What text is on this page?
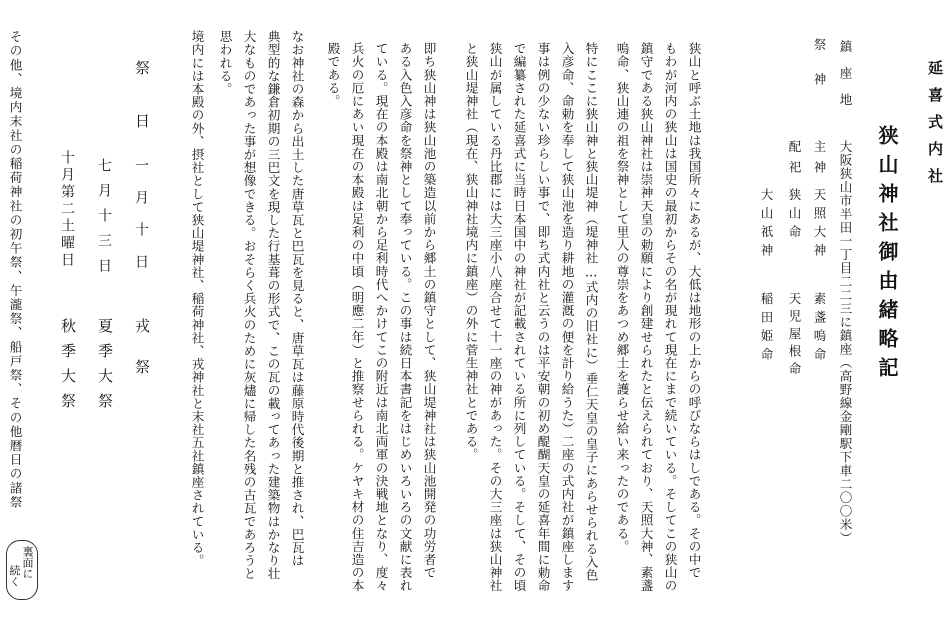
延喜式内社
狭山神社御由緒略記
鎮座地
大阪狭山市半田一丁目二二三に鎮座（高野線金剛駅下車二〇〇米）
祭神
主神
天照大神
素盞嗚命
配祀
狭山命
天児屋根命
大山祇神
稲田姫命
狭山と呼ぶ土地は我国所々にあるが、大低は地形の上からの呼びならはしである。その中で
もわが河内の狭山は国史の最初からその名が現れて現在にまで続いている。そしてこの狭山の
鎮守である狭山神社は崇神天皇の勅願により創建せられたと伝えられており、天照大神、素盞
嗚命、狭山連の祖を祭神として里人の尊崇をあつめ郷土を護らせ給い来ったのである。
特にここに狭山神と狭山堤神（堤神社…式内の旧社に）垂仁天皇の皇子にあらせられる入色
入彦命、命勅を奉して狭山池を造り耕地の灌漑の便を計り給うた）二座の式内社が鎮座します
事は例の少ない珍らしい事で、即ち式内社と云うのは平安朝の初め醍醐天皇の延喜年間に勅命
で編纂された延喜式に当時日本国中の神社が記載されている所に列している。そして、その頃
狭山が属している丹比郡には大三座小八座合せて十一座の神があった。その大三座は狭山神社
と狭山堤神社（現在、狭山神社境内に鎮座）の外に菅生神社とである。
即ち狭山神は狭山池の築造以前から郷土の鎮守として、狭山堤神社は狭山池開発の功労者で
ある入色入彦命を祭神として奉っている。この事は続日本書記をはじめいろいろの文献に表れ
ている。現在の本殿は南北朝から足利時代へかけてこの附近は南北両軍の決戦地となり、度々
兵火の厄にあい現在の本殿は足利の中頃（明應二年）と推察せられる。ケヤキ材の住吉造の本
殿である。
なお神社の森から出土した唐草瓦と巴瓦を見ると、唐草瓦は藤原時代後期と推され、巴瓦は
典型的な鎌倉初期の三巴文を現した行基葺の形式で、この瓦の載ってあった建築物はかなり壮
大なものであった事が想像できる。おそらく兵火のために灰燼に帰した名残の古瓦であろうと
思われる。
境内には本殿の外、摂社として狭山堤神社、稲荷神社、戎神社と末社五社鎮座されている。
祭日
一月十日
戎祭
七月十三日
夏季大祭
十月第二土曜日
秋季大祭
その他、境内末社の稲荷神社の初午祭、午瀧祭、船戸祭、その他暦日の諸祭
裏面に
続く
